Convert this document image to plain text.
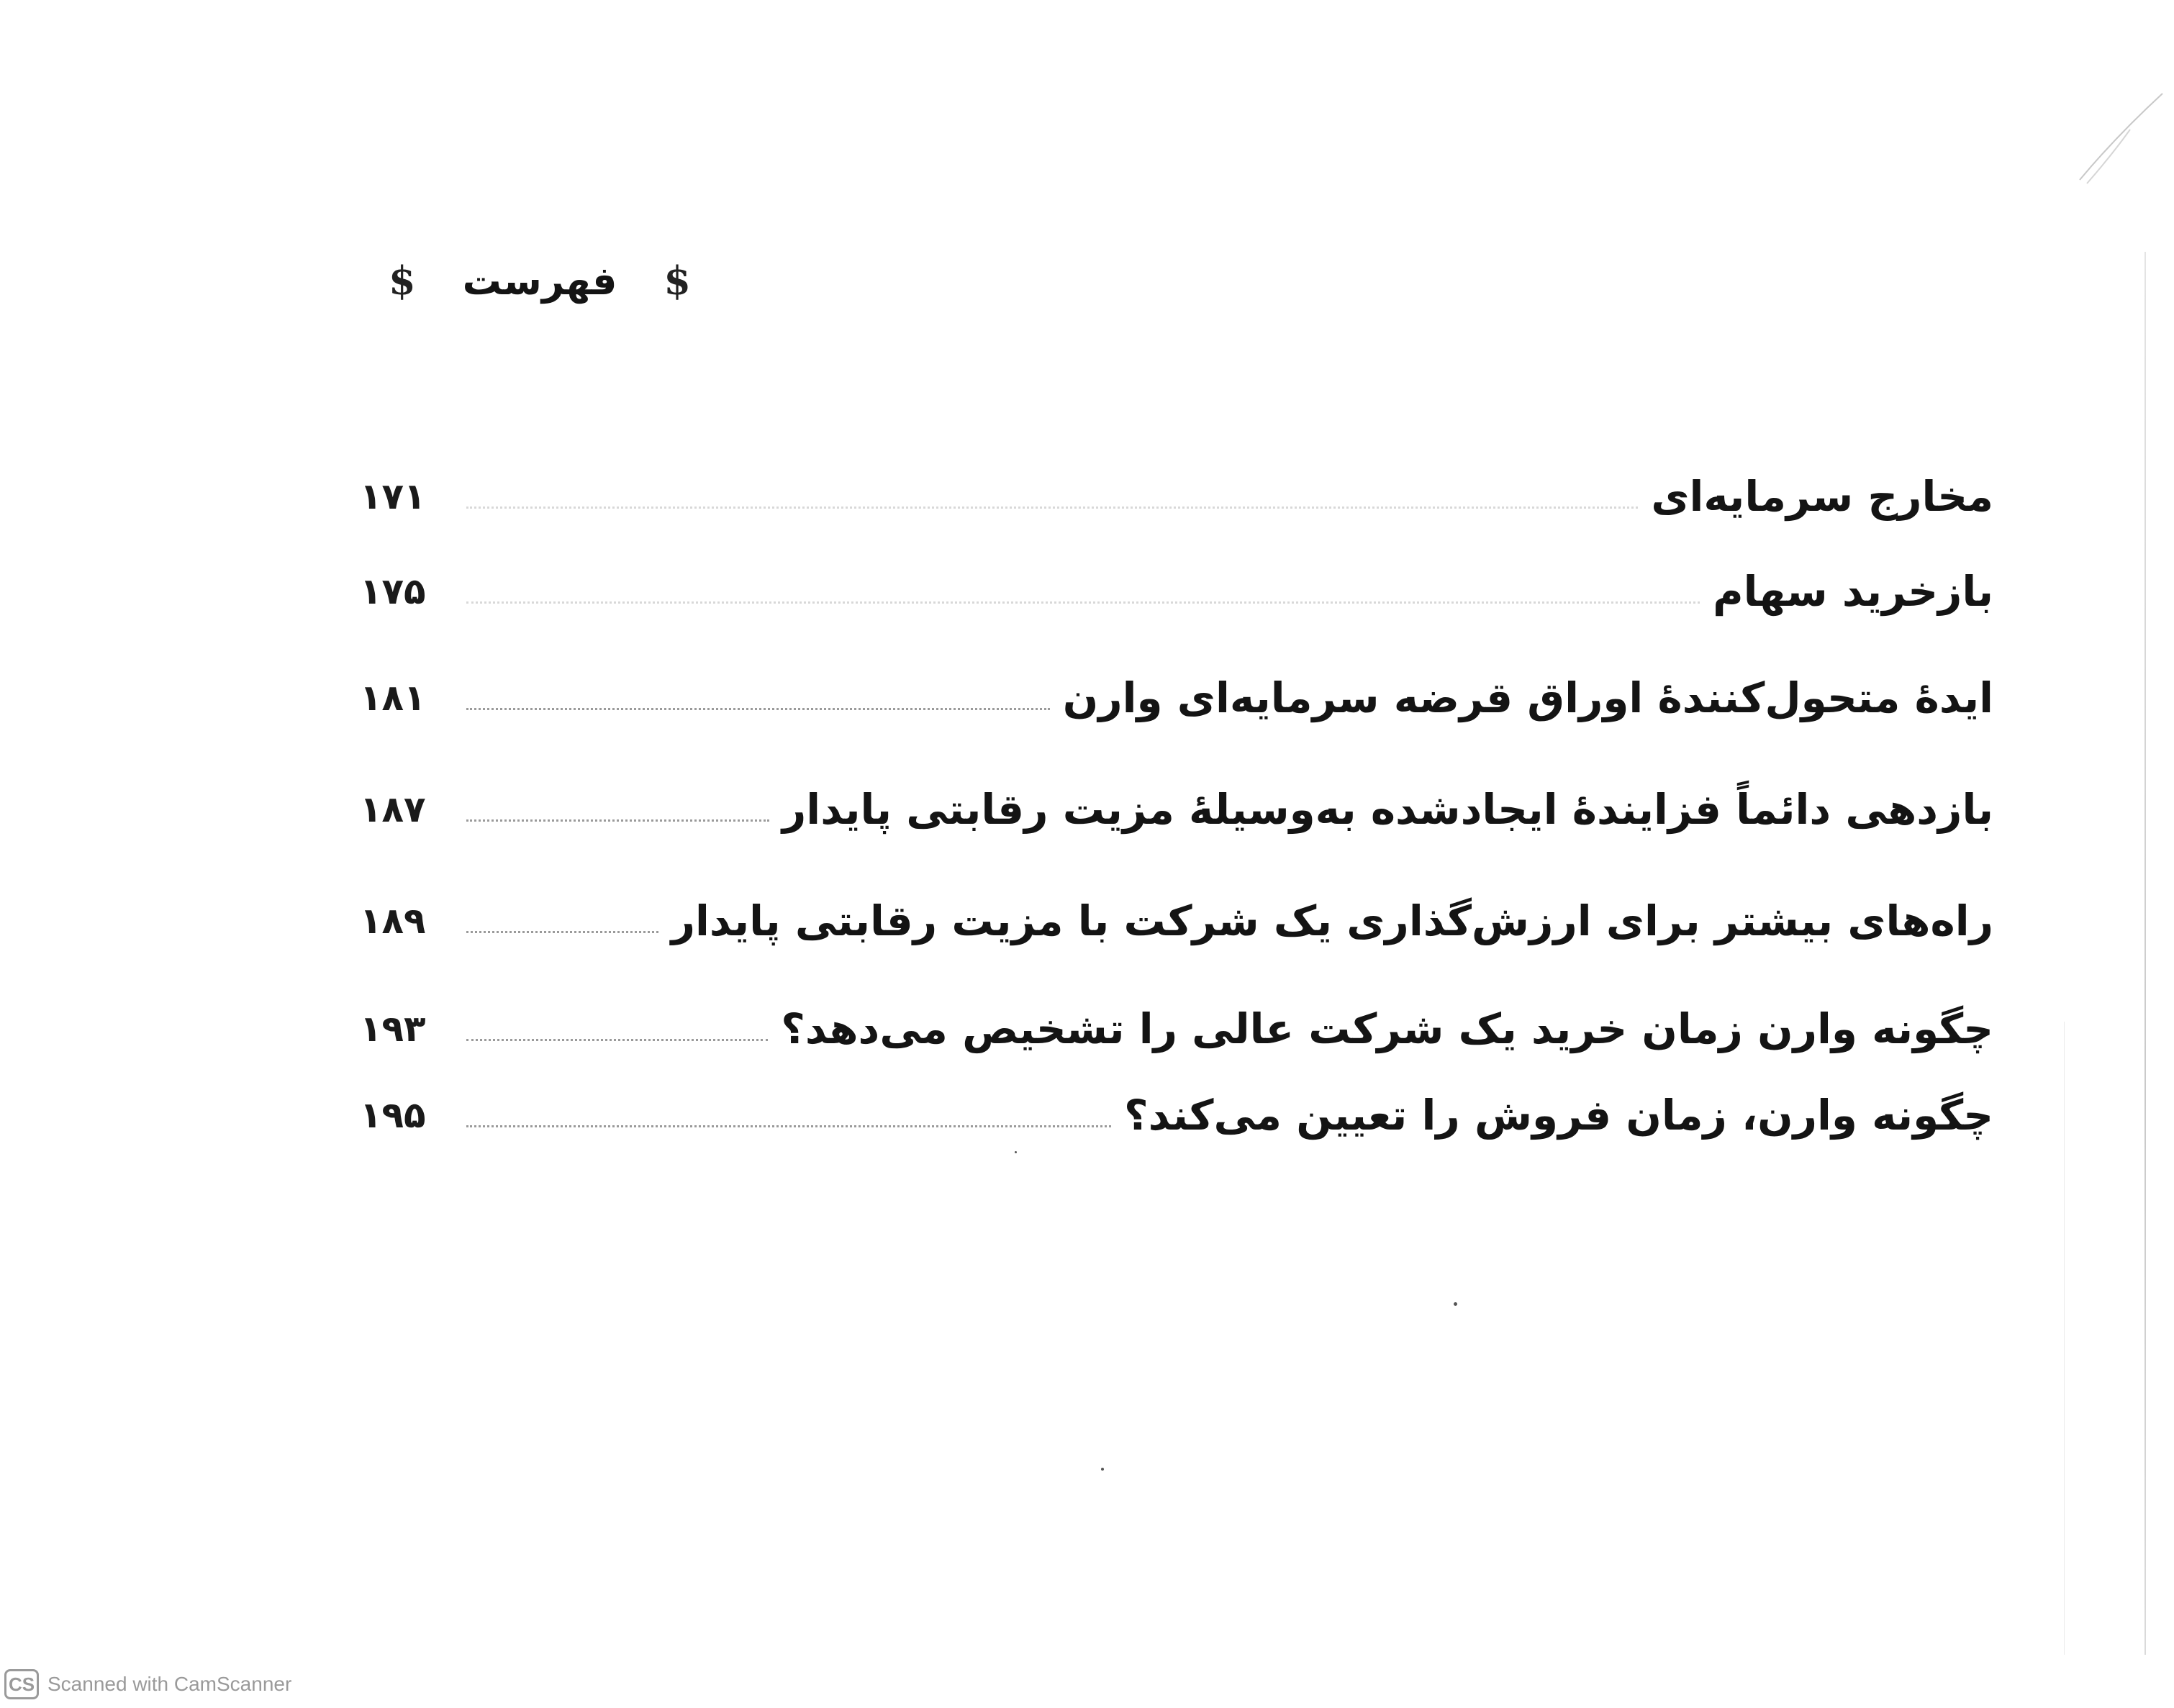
$ فهرست $
۱۷۱	مخارج سرمایه‌ای
۱۷۵	بازخرید سهام
۱۸۱	ایدهٔ متحول‌کنندهٔ اوراق قرضه سرمایه‌ای وارن
۱۸۷	بازدهی دائماً فزایندهٔ ایجادشده به‌وسیلهٔ مزیت رقابتی پایدار
۱۸۹	راه‌های بیشتر برای ارزش‌گذاری یک شرکت با مزیت رقابتی پایدار
۱۹۳	چگونه وارن زمان خرید یک شرکت عالی را تشخیص می‌دهد؟
۱۹۵	چگونه وارن، زمان فروش را تعیین می‌کند؟
CS Scanned with CamScanner
